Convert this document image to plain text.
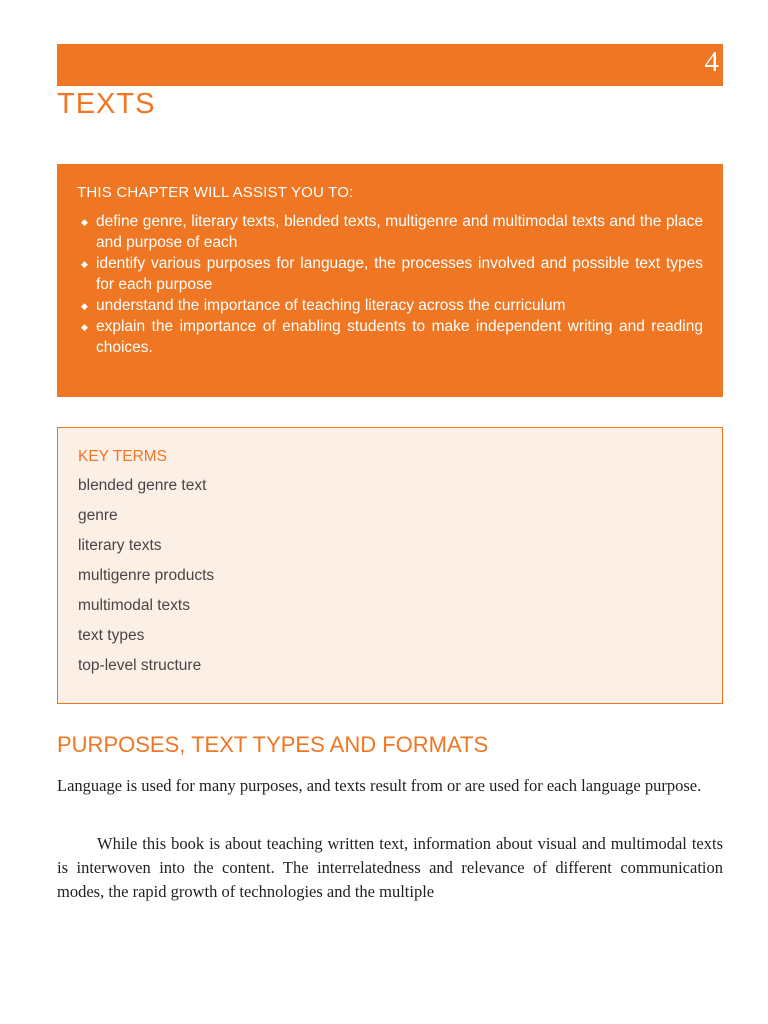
4
TEXTS
THIS CHAPTER WILL ASSIST YOU TO:
◆ define genre, literary texts, blended texts, multigenre and multimodal texts and the place and purpose of each
◆ identify various purposes for language, the processes involved and possible text types for each purpose
◆ understand the importance of teaching literacy across the curriculum
◆ explain the importance of enabling students to make independent writing and reading choices.
KEY TERMS
blended genre text
genre
literary texts
multigenre products
multimodal texts
text types
top-level structure
PURPOSES, TEXT TYPES AND FORMATS

Language is used for many purposes, and texts result from or are used for each language purpose.

While this book is about teaching written text, information about visual and multimodal texts is interwoven into the content. The interrelatedness and relevance of different communication modes, the rapid growth of technologies and the multiple
